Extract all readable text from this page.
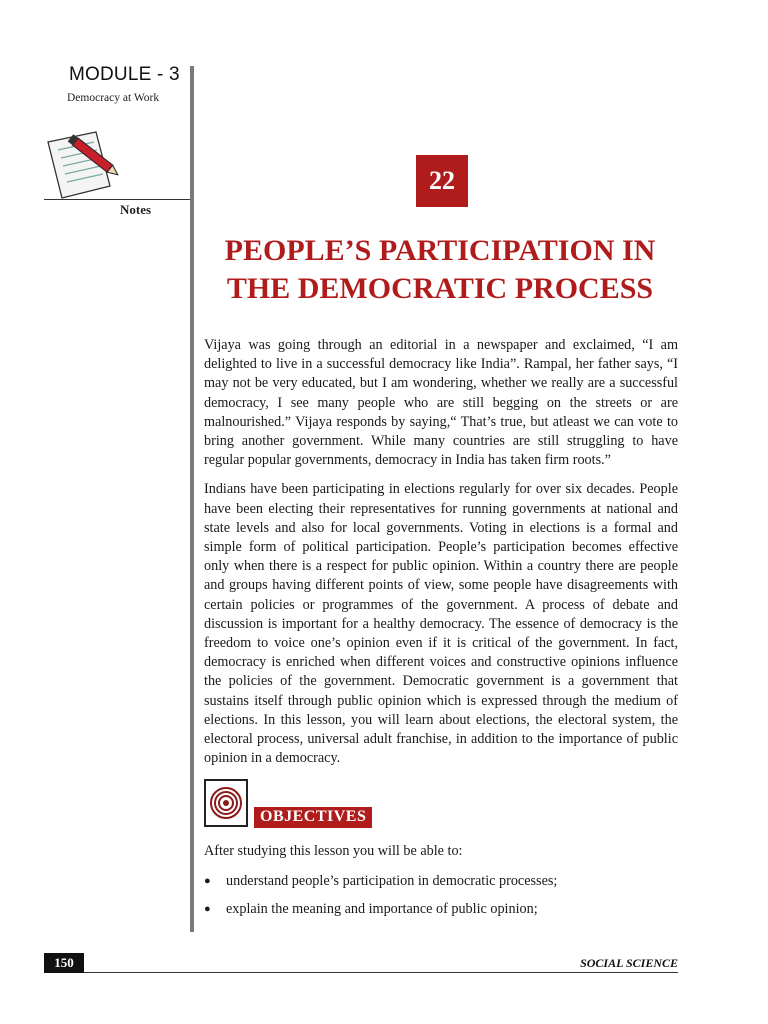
MODULE - 3
Democracy at Work
Notes
22
PEOPLE’S PARTICIPATION IN
THE DEMOCRATIC PROCESS

Vijaya was going through an editorial in a newspaper and exclaimed, “I am delighted to live in a successful democracy like India”. Rampal, her father says, “I may not be very educated, but I am wondering, whether we really are a successful democracy, I see many people who are still begging on the streets or are malnourished.” Vijaya responds by saying,“ That’s true, but atleast we can vote to bring another government. While many countries are still struggling to have regular popular governments, democracy in India has taken firm roots.”

Indians have been participating in elections regularly for over six decades. People have been electing their representatives for running governments at national and state levels and also for local governments. Voting in elections is a formal and simple form of political participation. People’s participation becomes effective only when there is a respect for public opinion. Within a country there are people and groups having different points of view, some people have disagreements with certain policies or programmes of the government. A process of debate and discussion is important for a healthy democracy. The essence of democracy is the freedom to voice one’s opinion even if it is critical of the government. In fact, democracy is enriched when different voices and constructive opinions influence the policies of the government. Democratic government is a government that sustains itself through public opinion which is expressed through the medium of elections. In this lesson, you will learn about elections, the electoral system, the electoral process, universal adult franchise, in addition to the importance of public opinion in a democracy.

OBJECTIVES
After studying this lesson you will be able to:
●	understand people’s participation in democratic processes;
●	explain the meaning and importance of public opinion;
150	SOCIAL SCIENCE
